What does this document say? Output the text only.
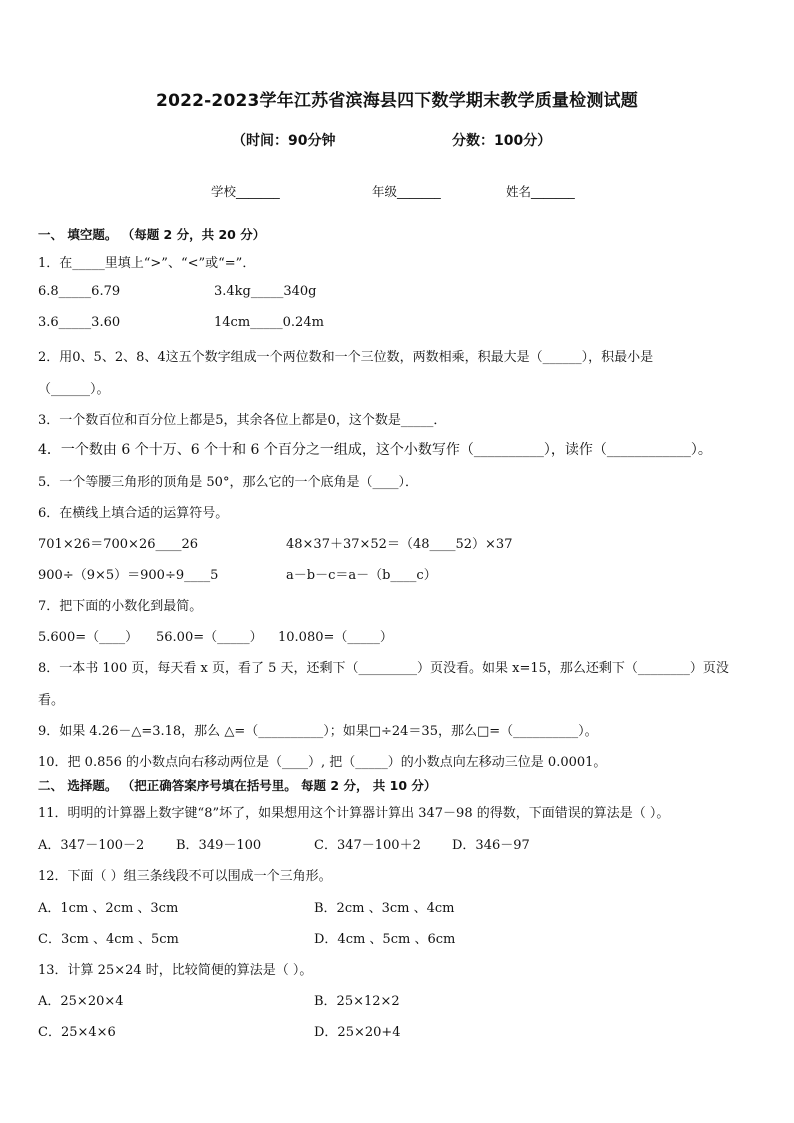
2022-2023学年江苏省滨海县四下数学期末教学质量检测试题
（时间：90分钟	分数：100分）
学校_______	年级_______	姓名_______
一、 填空题。 （每题 2 分，共 20 分）
1．在_____里填上“>”、“<”或“=”．
6.8_____6.79	3.4kg_____340g
3.6_____3.60	14cm_____0.24m
2．用0、5、2、8、4这五个数字组成一个两位数和一个三位数，两数相乘，积最大是（______），积最小是
（______）。
3．一个数百位和百分位上都是5，其余各位上都是0，这个数是_____．
4．一个数由 6 个十万、6 个十和 6 个百分之一组成，这个小数写作（__________），读作（____________）。
5．一个等腰三角形的顶角是 50°，那么它的一个底角是（____）．
6．在横线上填合适的运算符号。
701×26＝700×26____26	48×37＋37×52＝（48____52）×37
900÷（9×5）＝900÷9____5	a－b－c＝a－（b____c）
7．把下面的小数化到最简。
5.600=（____） 56.00=（_____） 10.080=（_____）
8．一本书 100 页，每天看 x 页，看了 5 天，还剩下（_________）页没看。如果 x=15，那么还剩下（________）页没
看。
9．如果 4.26－△=3.18，那么 △=（__________）；如果□÷24＝35，那么□=（__________）。
10．把 0.856 的小数点向右移动两位是（____）, 把（_____）的小数点向左移动三位是 0.0001。
二、 选择题。 （把正确答案序号填在括号里。 每题 2 分， 共 10 分）
11．明明的计算器上数字键“8”坏了，如果想用这个计算器计算出 347－98 的得数，下面错误的算法是（ ）。
A．347－100－2 B．349－100	C．347－100＋2 D．346－97
12．下面（ ）组三条线段不可以围成一个三角形。
A．1cm 、2cm 、3cm	B．2cm 、3cm 、4cm
C．3cm 、4cm 、5cm	D．4cm 、5cm 、6cm
13．计算 25×24 时，比较简便的算法是（ ）。
A．25×20×4	B．25×12×2
C．25×4×6	D．25×20+4
